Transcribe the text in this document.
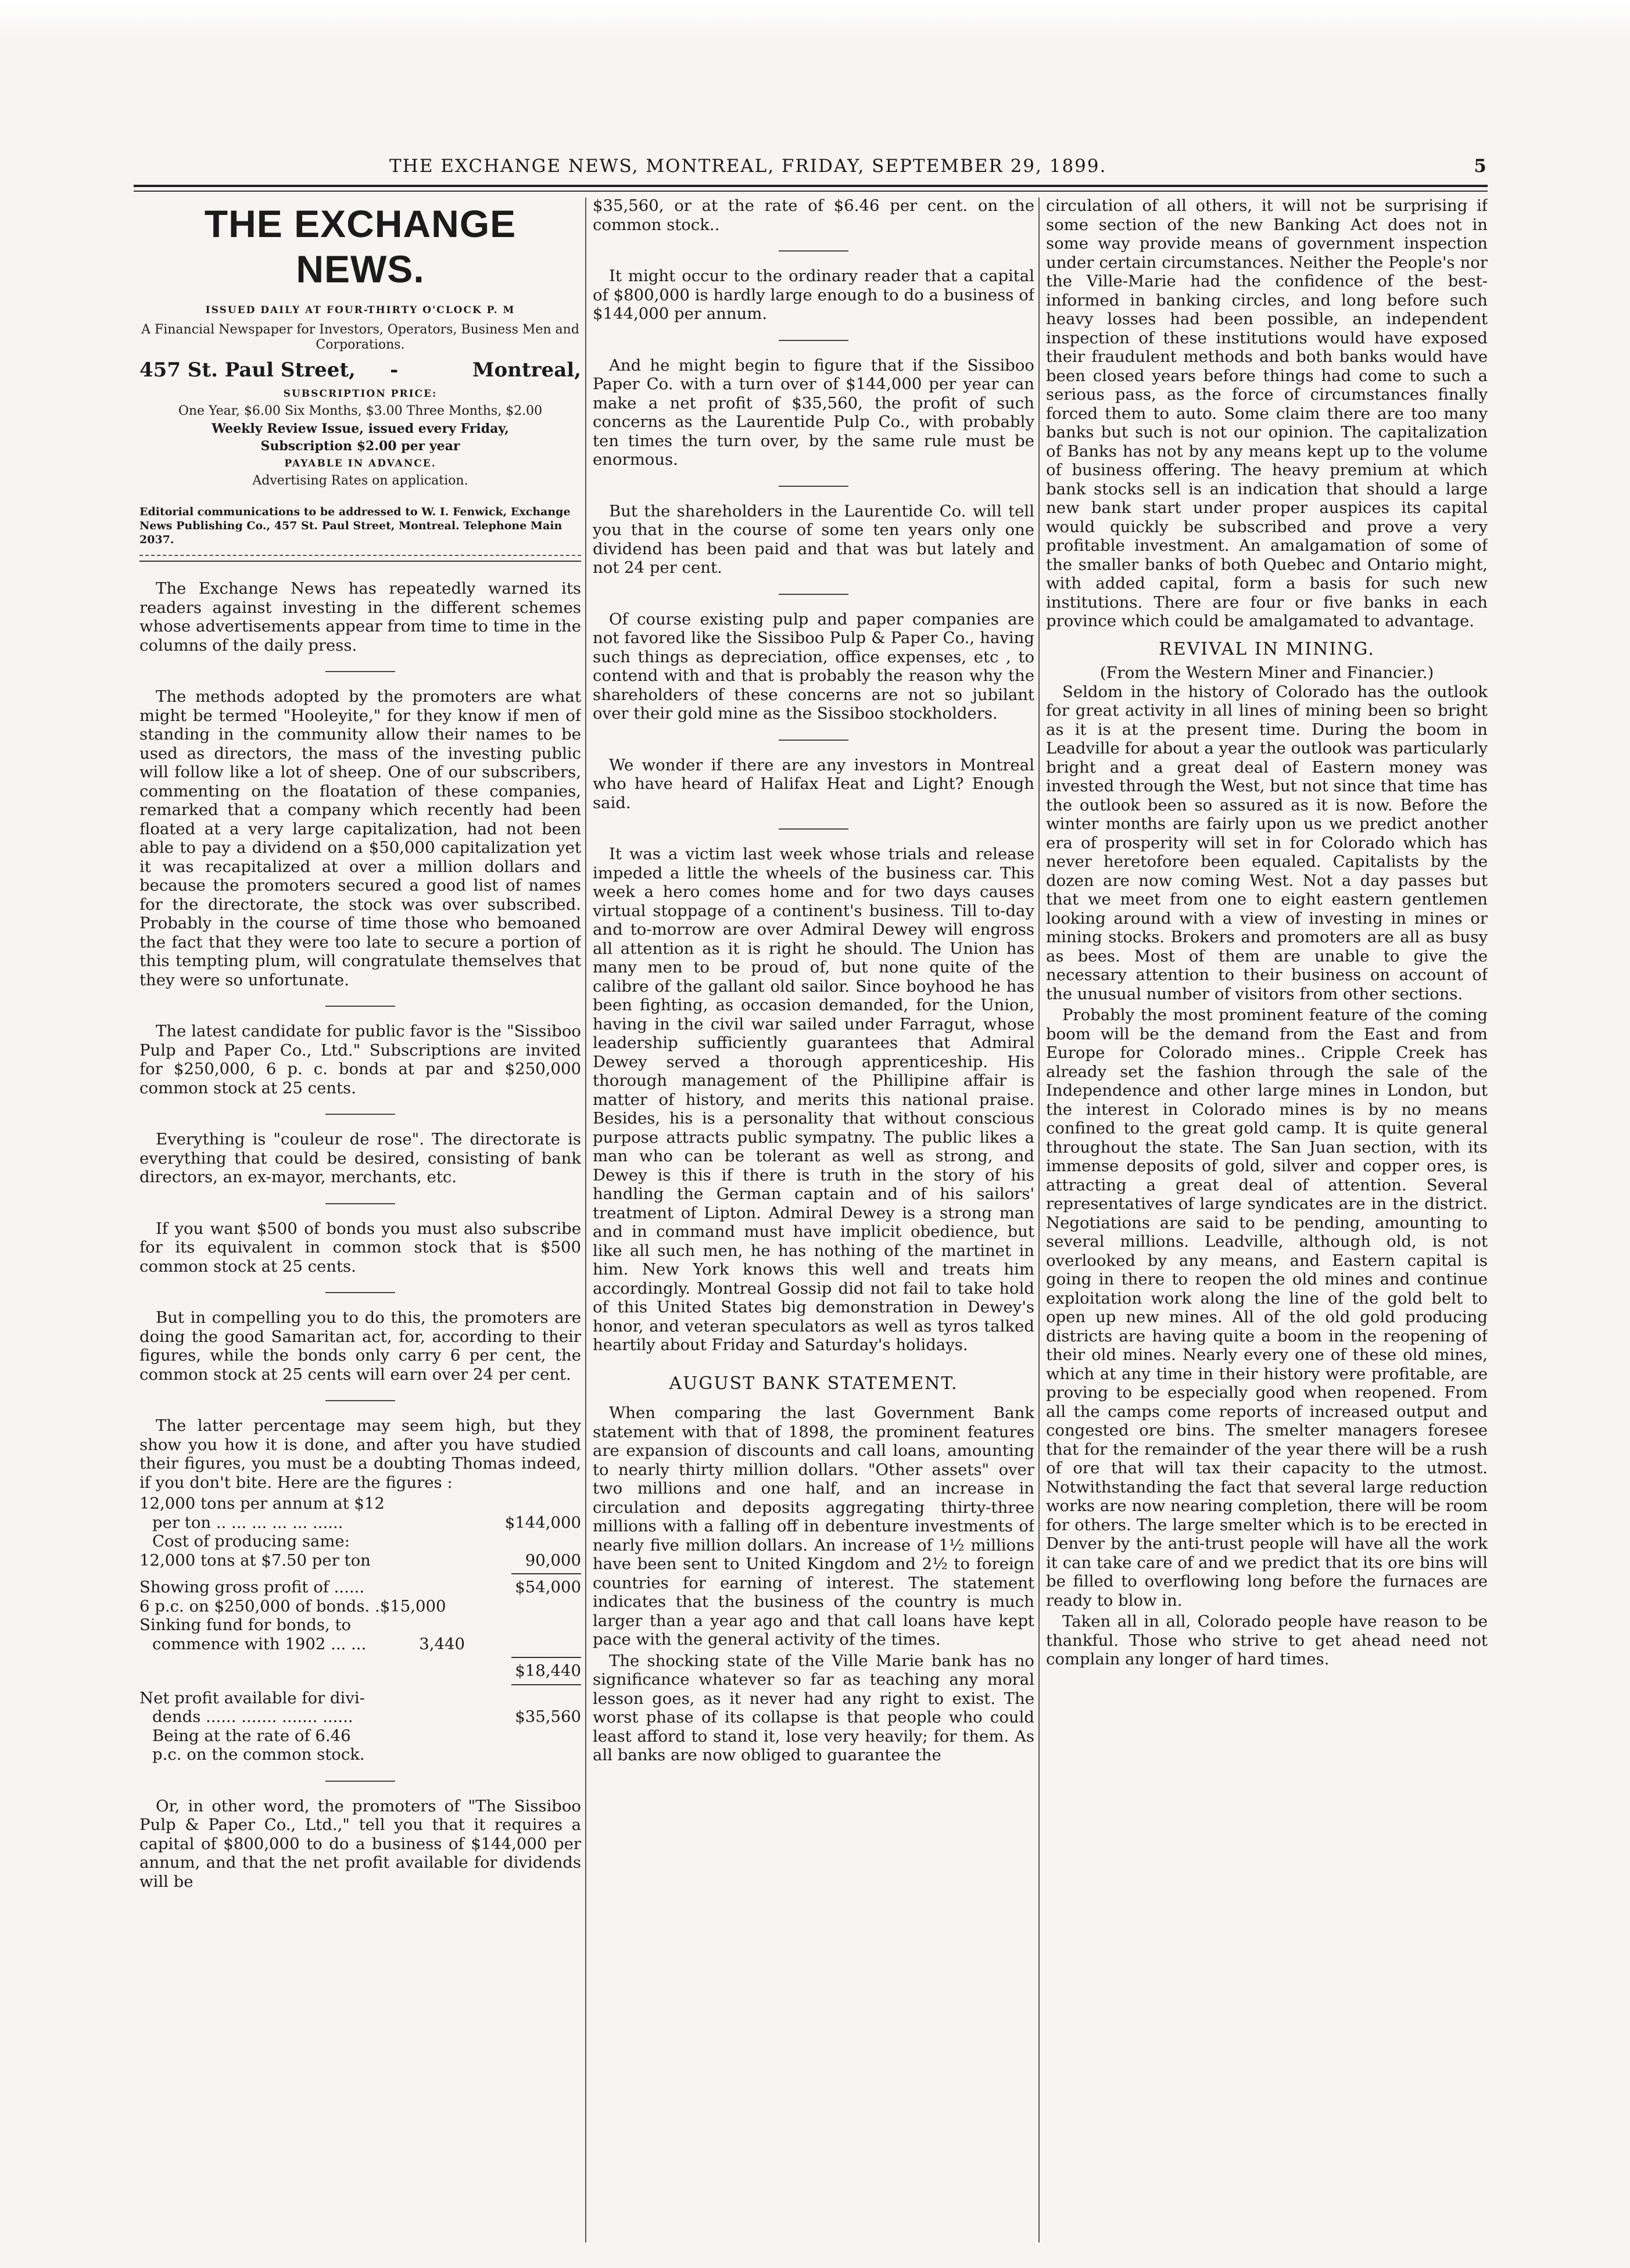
THE EXCHANGE NEWS, MONTREAL, FRIDAY, SEPTEMBER 29, 1899.	5
THE EXCHANGE NEWS.
ISSUED DAILY AT FOUR-THIRTY O'CLOCK P. M
A Financial Newspaper for Investors, Operators, Business Men and Corporations.
457 St. Paul Street, -	Montreal,
SUBSCRIPTION PRICE:
One Year, $6.00 Six Months, $3.00 Three Months, $2.00
Weekly Review Issue, issued every Friday,
Subscription $2.00 per year
PAYABLE IN ADVANCE.
Advertising Rates on application.
Editorial communications to be addressed to W. I. Fenwick, Exchange News Publishing Co., 457 St. Paul Street, Montreal. Telephone Main 2037.

The Exchange News has repeatedly warned its readers against investing in the different schemes whose advertisements appear from time to time in the columns of the daily press.

The methods adopted by the promoters are what might be termed "Hooleyite," for they know if men of standing in the community allow their names to be used as directors, the mass of the investing public will follow like a lot of sheep. One of our subscribers, commenting on the floatation of these companies, remarked that a company which recently had been floated at a very large capitalization, had not been able to pay a dividend on a $50,000 capitalization yet it was recapitalized at over a million dollars and because the promoters secured a good list of names for the directorate, the stock was over subscribed. Probably in the course of time those who bemoaned the fact that they were too late to secure a portion of this tempting plum, will congratulate themselves that they were so unfortunate.

The latest candidate for public favor is the "Sissiboo Pulp and Paper Co., Ltd." Subscriptions are invited for $250,000, 6 p. c. bonds at par and $250,000 common stock at 25 cents.

Everything is "couleur de rose". The directorate is everything that could be desired, consisting of bank directors, an ex-mayor, merchants, etc.

If you want $500 of bonds you must also subscribe for its equivalent in common stock that is $500 common stock at 25 cents.

But in compelling you to do this, the promoters are doing the good Samaritan act, for, according to their figures, while the bonds only carry 6 per cent, the common stock at 25 cents will earn over 24 per cent.

The latter percentage may seem high, but they show you how it is done, and after you have studied their figures, you must be a doubting Thomas indeed, if you don't bite. Here are the figures :

12,000 tons per annum at $12
per ton .. ... ... ... ... ......	$144,000
Cost of producing same:
12,000 tons at $7.50 per ton	90,000
Showing gross profit of ......	$54,000
6 p.c. on $250,000 of bonds. .$15,000
Sinking fund for bonds, to
commence with 1902 ... ...	3,440
$18,440
Net profit available for divi-
dends ...... ....... ....... ......	$35,560
Being at the rate of 6.46
p.c. on the common stock.

Or, in other word, the promoters of "The Sissiboo Pulp & Paper Co., Ltd.," tell you that it requires a capital of $800,000 to do a business of $144,000 per annum, and that the net profit available for dividends will be

$35,560, or at the rate of $6.46 per cent. on the common stock..

It might occur to the ordinary reader that a capital of $800,000 is hardly large enough to do a business of $144,000 per annum.

And he might begin to figure that if the Sissiboo Paper Co. with a turn over of $144,000 per year can make a net profit of $35,560, the profit of such concerns as the Laurentide Pulp Co., with probably ten times the turn over, by the same rule must be enormous.

But the shareholders in the Laurentide Co. will tell you that in the course of some ten years only one dividend has been paid and that was but lately and not 24 per cent.

Of course existing pulp and paper companies are not favored like the Sissiboo Pulp & Paper Co., having such things as depreciation, office expenses, etc , to contend with and that is probably the reason why the shareholders of these concerns are not so jubilant over their gold mine as the Sissiboo stockholders.

We wonder if there are any investors in Montreal who have heard of Halifax Heat and Light? Enough said.

It was a victim last week whose trials and release impeded a little the wheels of the business car. This week a hero comes home and for two days causes virtual stoppage of a continent's business. Till to-day and to-morrow are over Admiral Dewey will engross all attention as it is right he should. The Union has many men to be proud of, but none quite of the calibre of the gallant old sailor. Since boyhood he has been fighting, as occasion demanded, for the Union, having in the civil war sailed under Farragut, whose leadership sufficiently guarantees that Admiral Dewey served a thorough apprenticeship. His thorough management of the Phillipine affair is matter of history, and merits this national praise. Besides, his is a personality that without conscious purpose attracts public sympatny. The public likes a man who can be tolerant as well as strong, and Dewey is this if there is truth in the story of his handling the German captain and of his sailors' treatment of Lipton. Admiral Dewey is a strong man and in command must have implicit obedience, but like all such men, he has nothing of the martinet in him. New York knows this well and treats him accordingly. Montreal Gossip did not fail to take hold of this United States big demonstration in Dewey's honor, and veteran speculators as well as tyros talked heartily about Friday and Saturday's holidays.

AUGUST BANK STATEMENT.

When comparing the last Government Bank statement with that of 1898, the prominent features are expansion of discounts and call loans, amounting to nearly thirty million dollars. "Other assets" over two millions and one half, and an increase in circulation and deposits aggregating thirty-three millions with a falling off in debenture investments of nearly five million dollars. An increase of 1½ millions have been sent to United Kingdom and 2½ to foreign countries for earning of interest. The statement indicates that the business of the country is much larger than a year ago and that call loans have kept pace with the general activity of the times.

The shocking state of the Ville Marie bank has no significance whatever so far as teaching any moral lesson goes, as it never had any right to exist. The worst phase of its collapse is that people who could least afford to stand it, lose very heavily; for them. As all banks are now obliged to guarantee the

circulation of all others, it will not be surprising if some section of the new Banking Act does not in some way provide means of government inspection under certain circumstances. Neither the People's nor the Ville-Marie had the confidence of the best-informed in banking circles, and long before such heavy losses had been possible, an independent inspection of these institutions would have exposed their fraudulent methods and both banks would have been closed years before things had come to such a serious pass, as the force of circumstances finally forced them to auto. Some claim there are too many banks but such is not our opinion. The capitalization of Banks has not by any means kept up to the volume of business offering. The heavy premium at which bank stocks sell is an indication that should a large new bank start under proper auspices its capital would quickly be subscribed and prove a very profitable investment. An amalgamation of some of the smaller banks of both Quebec and Ontario might, with added capital, form a basis for such new institutions. There are four or five banks in each province which could be amalgamated to advantage.

REVIVAL IN MINING.
(From the Western Miner and Financier.)

Seldom in the history of Colorado has the outlook for great activity in all lines of mining been so bright as it is at the present time. During the boom in Leadville for about a year the outlook was particularly bright and a great deal of Eastern money was invested through the West, but not since that time has the outlook been so assured as it is now. Before the winter months are fairly upon us we predict another era of prosperity will set in for Colorado which has never heretofore been equaled. Capitalists by the dozen are now coming West. Not a day passes but that we meet from one to eight eastern gentlemen looking around with a view of investing in mines or mining stocks. Brokers and promoters are all as busy as bees. Most of them are unable to give the necessary attention to their business on account of the unusual number of visitors from other sections.

Probably the most prominent feature of the coming boom will be the demand from the East and from Europe for Colorado mines.. Cripple Creek has already set the fashion through the sale of the Independence and other large mines in London, but the interest in Colorado mines is by no means confined to the great gold camp. It is quite general throughout the state. The San Juan section, with its immense deposits of gold, silver and copper ores, is attracting a great deal of attention. Several representatives of large syndicates are in the district. Negotiations are said to be pending, amounting to several millions. Leadville, although old, is not overlooked by any means, and Eastern capital is going in there to reopen the old mines and continue exploitation work along the line of the gold belt to open up new mines. All of the old gold producing districts are having quite a boom in the reopening of their old mines. Nearly every one of these old mines, which at any time in their history were profitable, are proving to be especially good when reopened. From all the camps come reports of increased output and congested ore bins. The smelter managers foresee that for the remainder of the year there will be a rush of ore that will tax their capacity to the utmost. Notwithstanding the fact that several large reduction works are now nearing completion, there will be room for others. The large smelter which is to be erected in Denver by the anti-trust people will have all the work it can take care of and we predict that its ore bins will be filled to overflowing long before the furnaces are ready to blow in.

Taken all in all, Colorado people have reason to be thankful. Those who strive to get ahead need not complain any longer of hard times.
